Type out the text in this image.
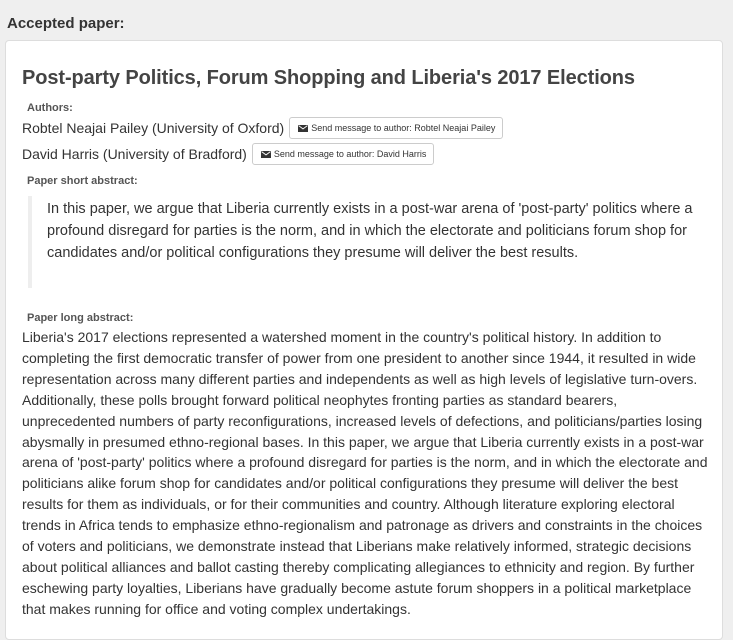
Accepted paper:
Post-party Politics, Forum Shopping and Liberia's 2017 Elections
Authors:
Robtel Neajai Pailey (University of Oxford)	Send message to author: Robtel Neajai Pailey
David Harris (University of Bradford)	Send message to author: David Harris
Paper short abstract:
In this paper, we argue that Liberia currently exists in a post-war arena of 'post-party' politics where a profound disregard for parties is the norm, and in which the electorate and politicians forum shop for candidates and/or political configurations they presume will deliver the best results.
Paper long abstract:
Liberia's 2017 elections represented a watershed moment in the country's political history. In addition to completing the first democratic transfer of power from one president to another since 1944, it resulted in wide representation across many different parties and independents as well as high levels of legislative turn-overs. Additionally, these polls brought forward political neophytes fronting parties as standard bearers, unprecedented numbers of party reconfigurations, increased levels of defections, and politicians/parties losing abysmally in presumed ethno-regional bases. In this paper, we argue that Liberia currently exists in a post-war arena of 'post-party' politics where a profound disregard for parties is the norm, and in which the electorate and politicians alike forum shop for candidates and/or political configurations they presume will deliver the best results for them as individuals, or for their communities and country. Although literature exploring electoral trends in Africa tends to emphasize ethno-regionalism and patronage as drivers and constraints in the choices of voters and politicians, we demonstrate instead that Liberians make relatively informed, strategic decisions about political alliances and ballot casting thereby complicating allegiances to ethnicity and region. By further eschewing party loyalties, Liberians have gradually become astute forum shoppers in a political marketplace that makes running for office and voting complex undertakings.
